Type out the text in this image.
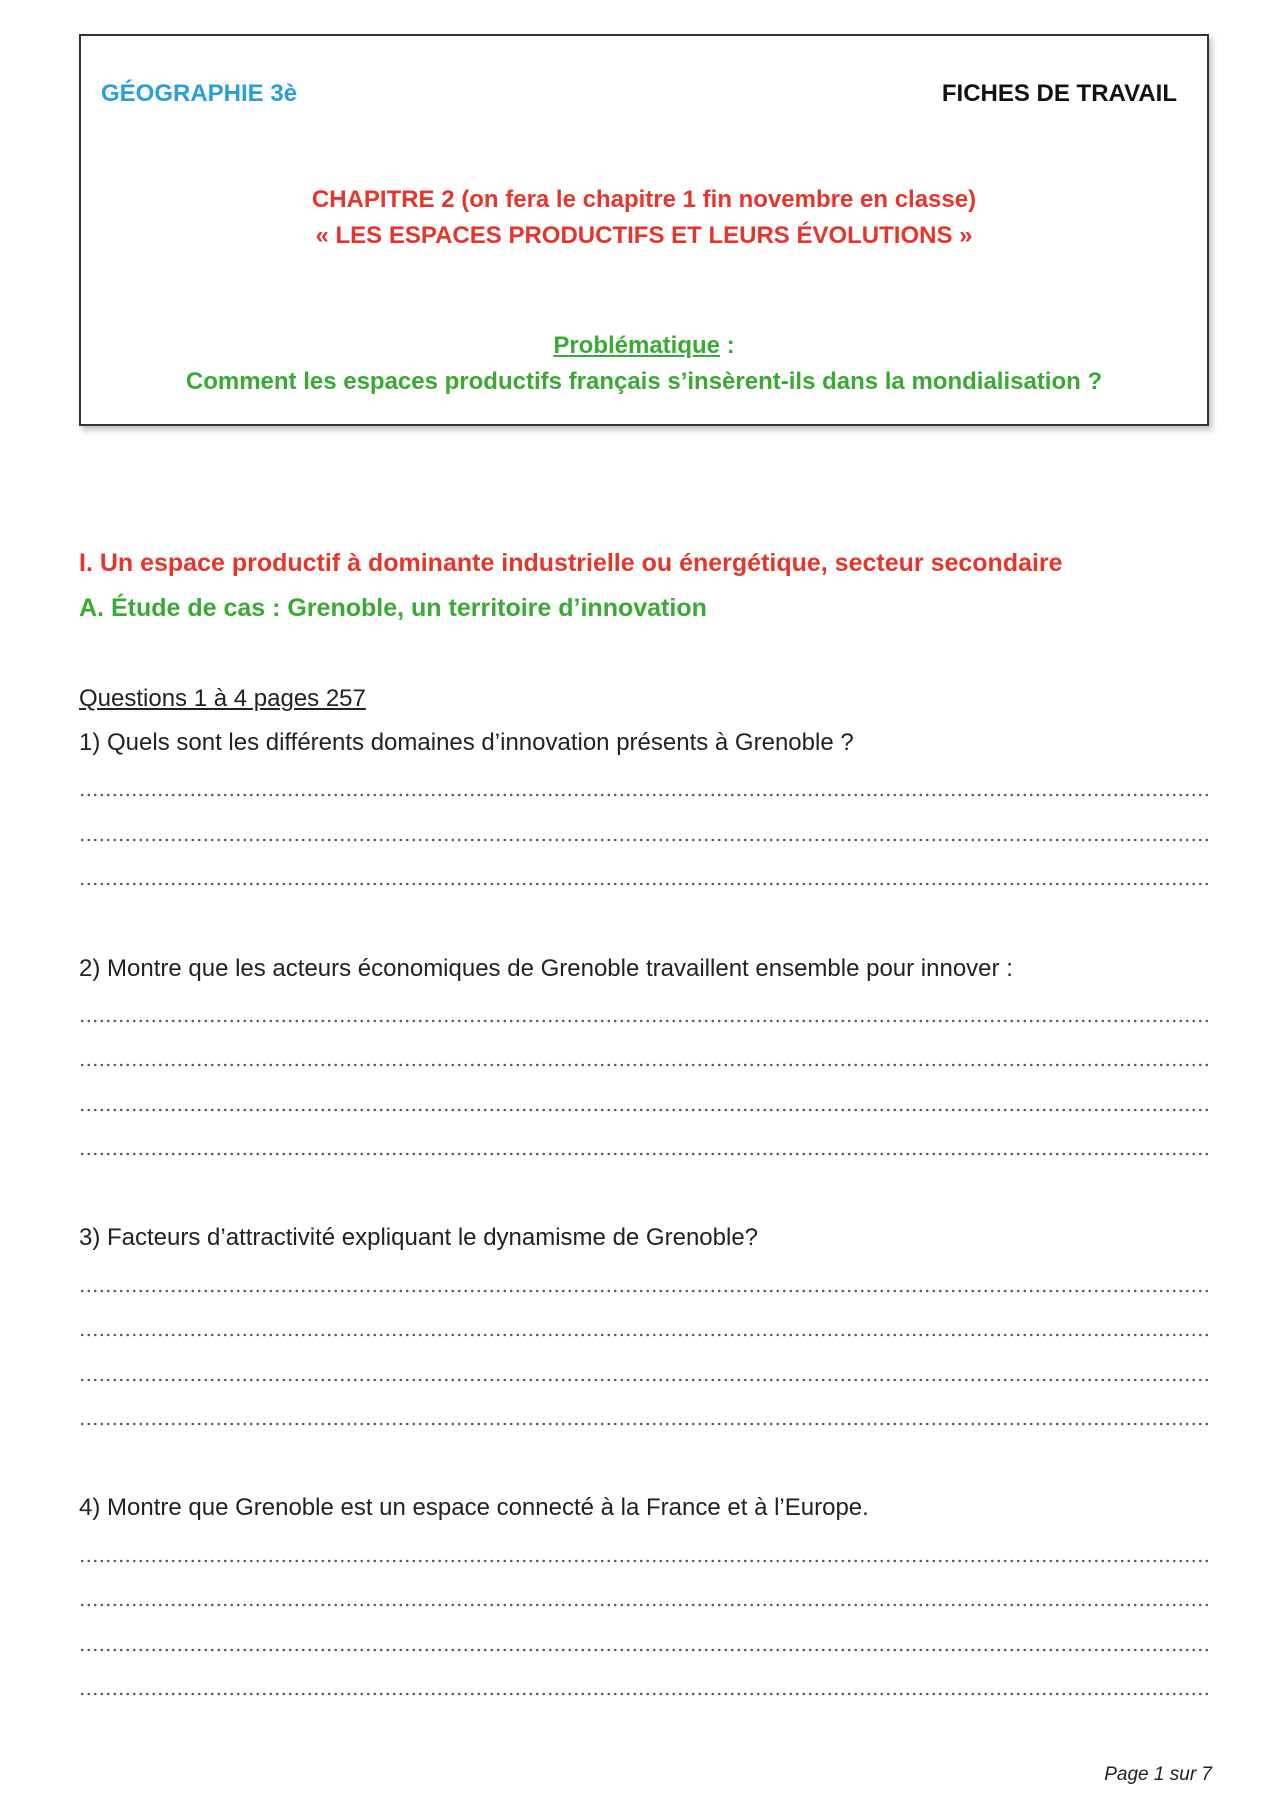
GÉOGRAPHIE 3è	FICHES DE TRAVAIL
CHAPITRE 2 (on fera le chapitre 1 fin novembre en classe)
« LES ESPACES PRODUCTIFS ET LEURS ÉVOLUTIONS »
Problématique :
Comment les espaces productifs français s’insèrent-ils dans la mondialisation ?
I. Un espace productif à dominante industrielle ou énergétique, secteur secondaire
A. Étude de cas : Grenoble, un territoire d’innovation
Questions 1 à 4 pages 257
1) Quels sont les différents domaines d’innovation présents à Grenoble ?
2) Montre que les acteurs économiques de Grenoble travaillent ensemble pour innover :
3) Facteurs d’attractivité expliquant le dynamisme de Grenoble?
4) Montre que Grenoble est un espace connecté à la France et à l’Europe.
Page 1 sur 7
